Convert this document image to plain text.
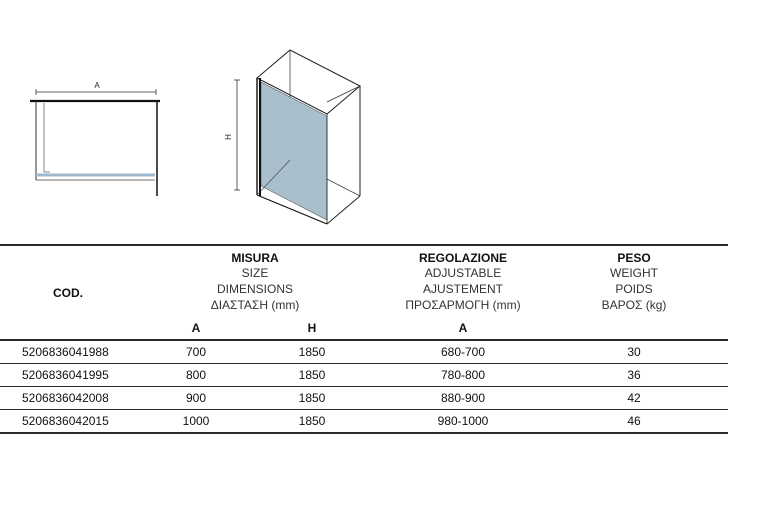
A
H
COD.
MISURA
SIZE
DIMENSIONS
ΔΙΑΣΤΑΣΗ (mm)
REGOLAZIONE
ADJUSTABLE
AJUSTEMENT
ΠΡΟΣΑΡΜΟΓΗ (mm)
PESO
WEIGHT
POIDS
ΒΑΡΟΣ (kg)
A	H	A
5206836041988	700	1850	680-700	30
5206836041995	800	1850	780-800	36
5206836042008	900	1850	880-900	42
5206836042015	1000	1850	980-1000	46
